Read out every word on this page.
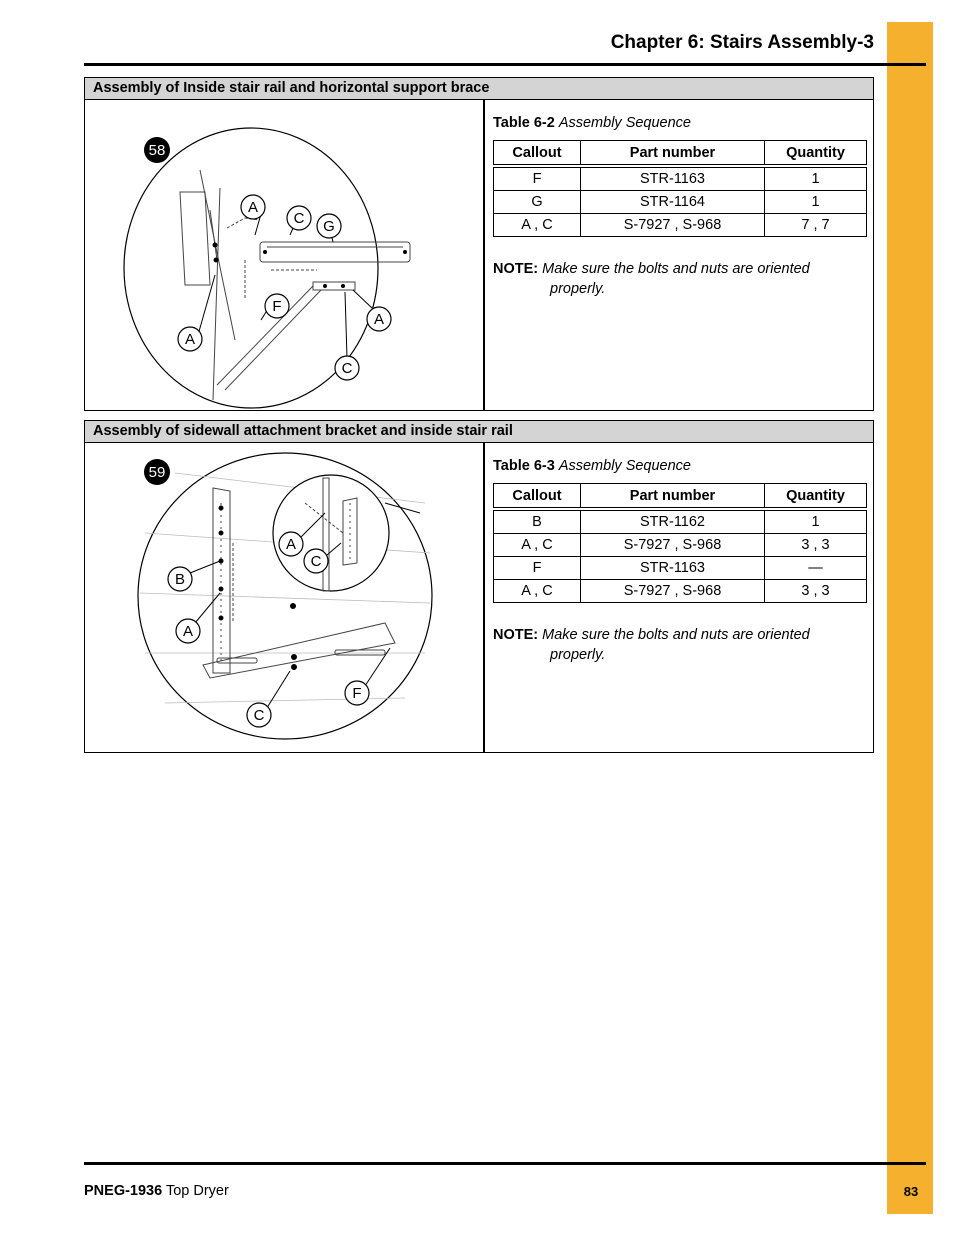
Chapter 6: Stairs Assembly-3
Assembly of Inside stair rail and horizontal support brace
58
A
C G
F
A
A
C
Table 6-2 Assembly Sequence
Callout	Part number	Quantity
F	STR-1163	1
G	STR-1164	1
A , C	S-7927 , S-968	7 , 7
NOTE: Make sure the bolts and nuts are oriented
properly.
Assembly of sidewall attachment bracket and inside stair rail
59
A
C
B
A
F
C
Table 6-3 Assembly Sequence
Callout	Part number	Quantity
B	STR-1162	1
A , C	S-7927 , S-968	3 , 3
F	STR-1163	—
A , C	S-7927 , S-968	3 , 3
NOTE: Make sure the bolts and nuts are oriented
properly.
PNEG-1936 Top Dryer	83
